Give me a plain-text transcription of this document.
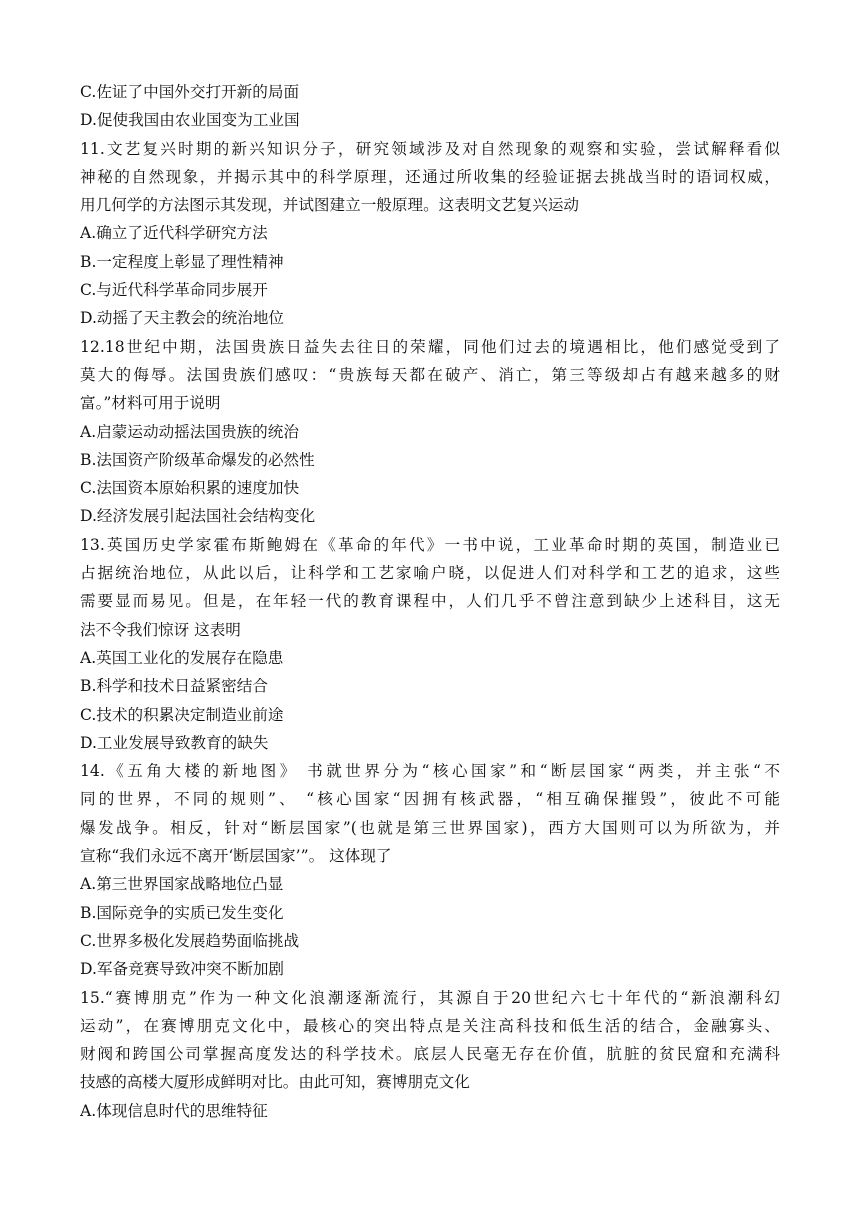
C.佐证了中国外交打开新的局面
D.促使我国由农业国变为工业国
11.文艺复兴时期的新兴知识分子，研究领域涉及对自然现象的观察和实验，尝试解释看似
神秘的自然现象，并揭示其中的科学原理，还通过所收集的经验证据去挑战当时的语词权威，
用几何学的方法图示其发现，并试图建立一般原理。这表明文艺复兴运动
A.确立了近代科学研究方法
B.一定程度上彰显了理性精神
C.与近代科学革命同步展开
D.动摇了天主教会的统治地位
12.18世纪中期，法国贵族日益失去往日的荣耀，同他们过去的境遇相比，他们感觉受到了
莫大的侮辱。法国贵族们感叹：“贵族每天都在破产、消亡，第三等级却占有越来越多的财
富。”材料可用于说明
A.启蒙运动动摇法国贵族的统治
B.法国资产阶级革命爆发的必然性
C.法国资本原始积累的速度加快
D.经济发展引起法国社会结构变化
13.英国历史学家霍布斯鲍姆在《革命的年代》一书中说，工业革命时期的英国，制造业已
占据统治地位，从此以后，让科学和工艺家喻户晓，以促进人们对科学和工艺的追求，这些
需要显而易见。但是，在年轻一代的教育课程中，人们几乎不曾注意到缺少上述科目，这无
法不令我们惊讶 这表明
A.英国工业化的发展存在隐患
B.科学和技术日益紧密结合
C.技术的积累决定制造业前途
D.工业发展导致教育的缺失
14.《五角大楼的新地图》 书就世界分为“核心国家”和“断层国家“两类，并主张“不
同的世界，不同的规则”、 “核心国家“因拥有核武器，“相互确保摧毁”，彼此不可能
爆发战争。相反，针对“断层国家”(也就是第三世界国家)，西方大国则可以为所欲为，并
宣称“我们永远不离开‘断层国家’”。 这体现了
A.第三世界国家战略地位凸显
B.国际竞争的实质已发生变化
C.世界多极化发展趋势面临挑战
D.军备竞赛导致冲突不断加剧
15.“赛博朋克”作为一种文化浪潮逐渐流行，其源自于20世纪六七十年代的“新浪潮科幻
运动”，在赛博朋克文化中，最核心的突出特点是关注高科技和低生活的结合，金融寡头、
财阀和跨国公司掌握高度发达的科学技术。底层人民毫无存在价值，肮脏的贫民窟和充满科
技感的高楼大厦形成鲜明对比。由此可知，赛博朋克文化
A.体现信息时代的思维特征
